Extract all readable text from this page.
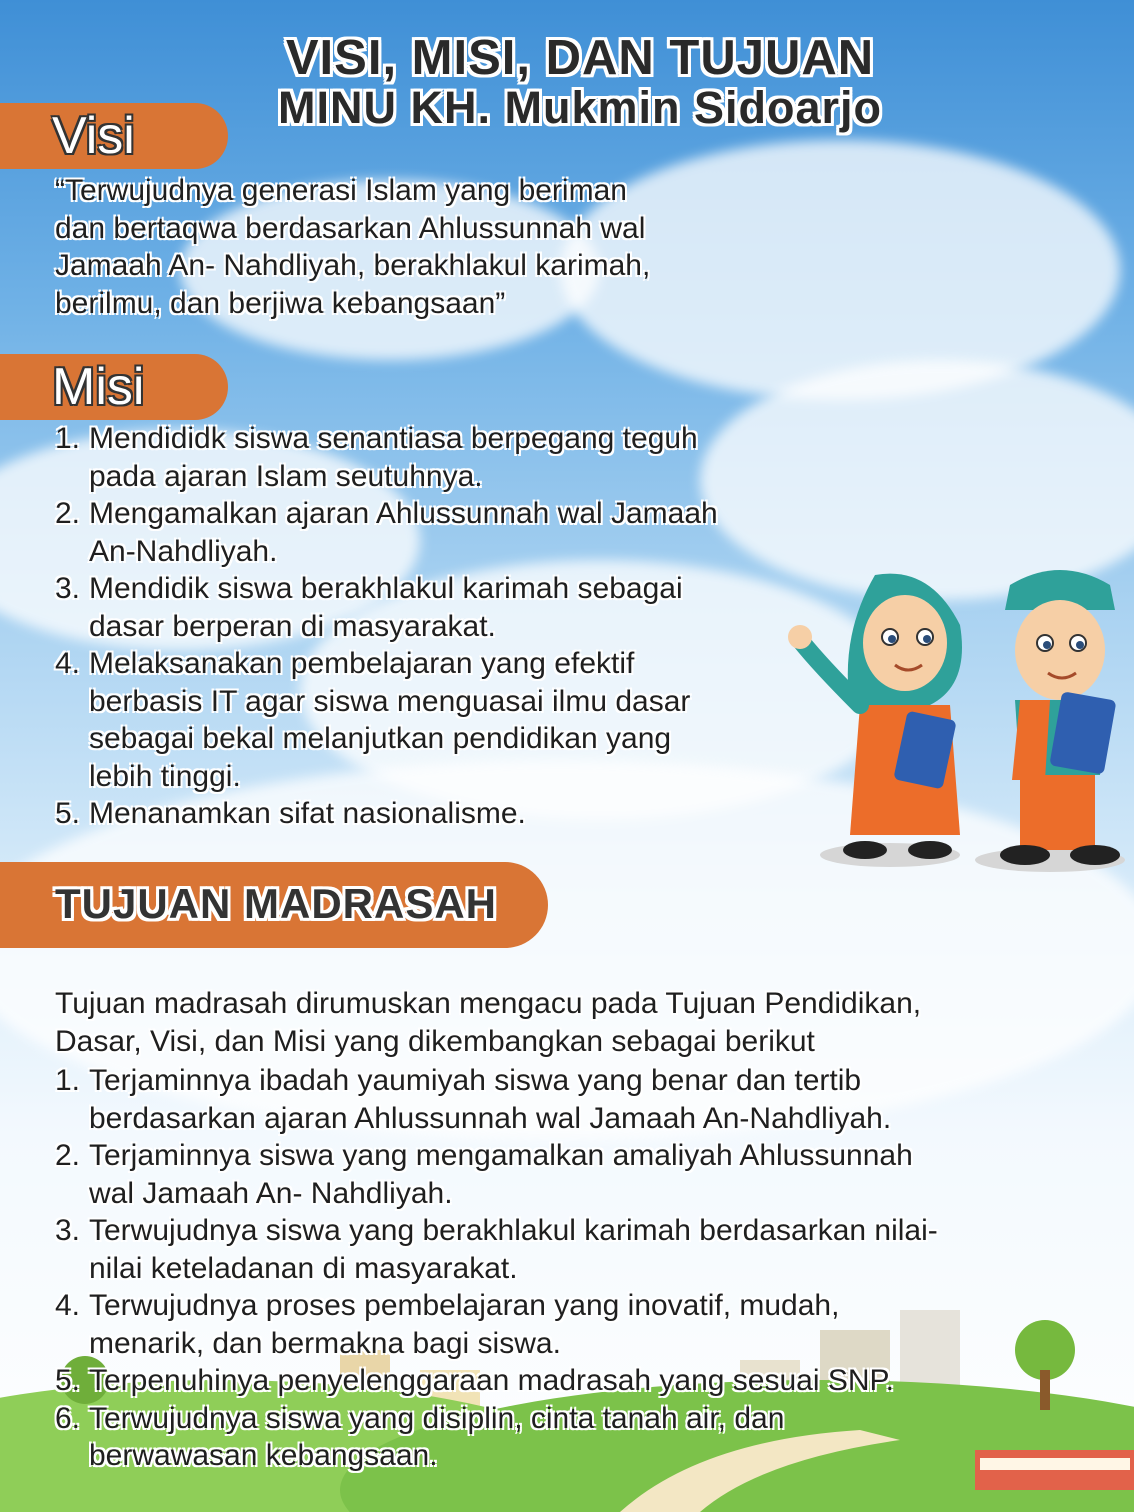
VISI, MISI, DAN TUJUAN
MINU KH. Mukmin Sidoarjo
Visi
“Terwujudnya generasi Islam yang beriman
dan bertaqwa berdasarkan Ahlussunnah wal
Jamaah An- Nahdliyah, berakhlakul karimah,
berilmu, dan berjiwa kebangsaan”
Misi
1. Mendididk siswa senantiasa berpegang teguh
pada ajaran Islam seutuhnya.
2. Mengamalkan ajaran Ahlussunnah wal Jamaah
An-Nahdliyah.
3. Mendidik siswa berakhlakul karimah sebagai
dasar berperan di masyarakat.
4. Melaksanakan pembelajaran yang efektif
berbasis IT agar siswa menguasai ilmu dasar
sebagai bekal melanjutkan pendidikan yang
lebih tinggi.
5. Menanamkan sifat nasionalisme.
TUJUAN MADRASAH
Tujuan madrasah dirumuskan mengacu pada Tujuan Pendidikan,
Dasar, Visi, dan Misi yang dikembangkan sebagai berikut
1. Terjaminnya ibadah yaumiyah siswa yang benar dan tertib
berdasarkan ajaran Ahlussunnah wal Jamaah An-Nahdliyah.
2. Terjaminnya siswa yang mengamalkan amaliyah Ahlussunnah
wal Jamaah An- Nahdliyah.
3. Terwujudnya siswa yang berakhlakul karimah berdasarkan nilai-
nilai keteladanan di masyarakat.
4. Terwujudnya proses pembelajaran yang inovatif, mudah,
menarik, dan bermakna bagi siswa.
5. Terpenuhinya penyelenggaraan madrasah yang sesuai SNP.
6. Terwujudnya siswa yang disiplin, cinta tanah air, dan
berwawasan kebangsaan.
